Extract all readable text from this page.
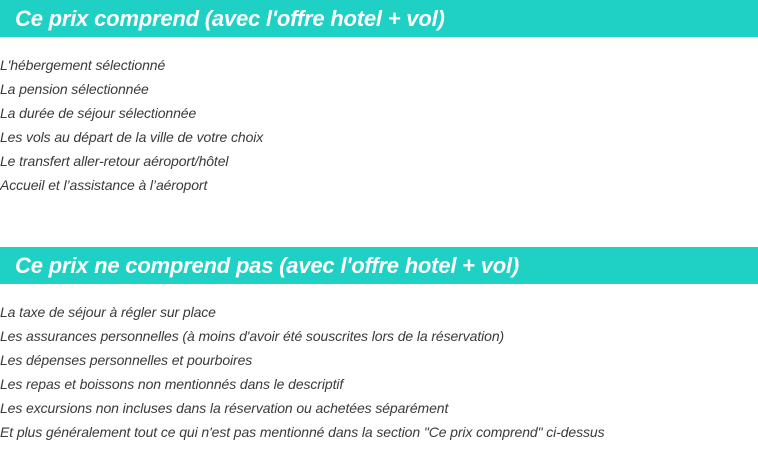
Ce prix comprend (avec l'offre hotel + vol)
L'hébergement sélectionné
La pension sélectionnée
La durée de séjour sélectionnée
Les vols au départ de la ville de votre choix
Le transfert aller-retour aéroport/hôtel
Accueil et l’assistance à l’aéroport
Ce prix ne comprend pas (avec l'offre hotel + vol)
La taxe de séjour à régler sur place
Les assurances personnelles (à moins d'avoir été souscrites lors de la réservation)
Les dépenses personnelles et pourboires
Les repas et boissons non mentionnés dans le descriptif
Les excursions non incluses dans la réservation ou achetées séparément
Et plus généralement tout ce qui n'est pas mentionné dans la section "Ce prix comprend" ci-dessus
